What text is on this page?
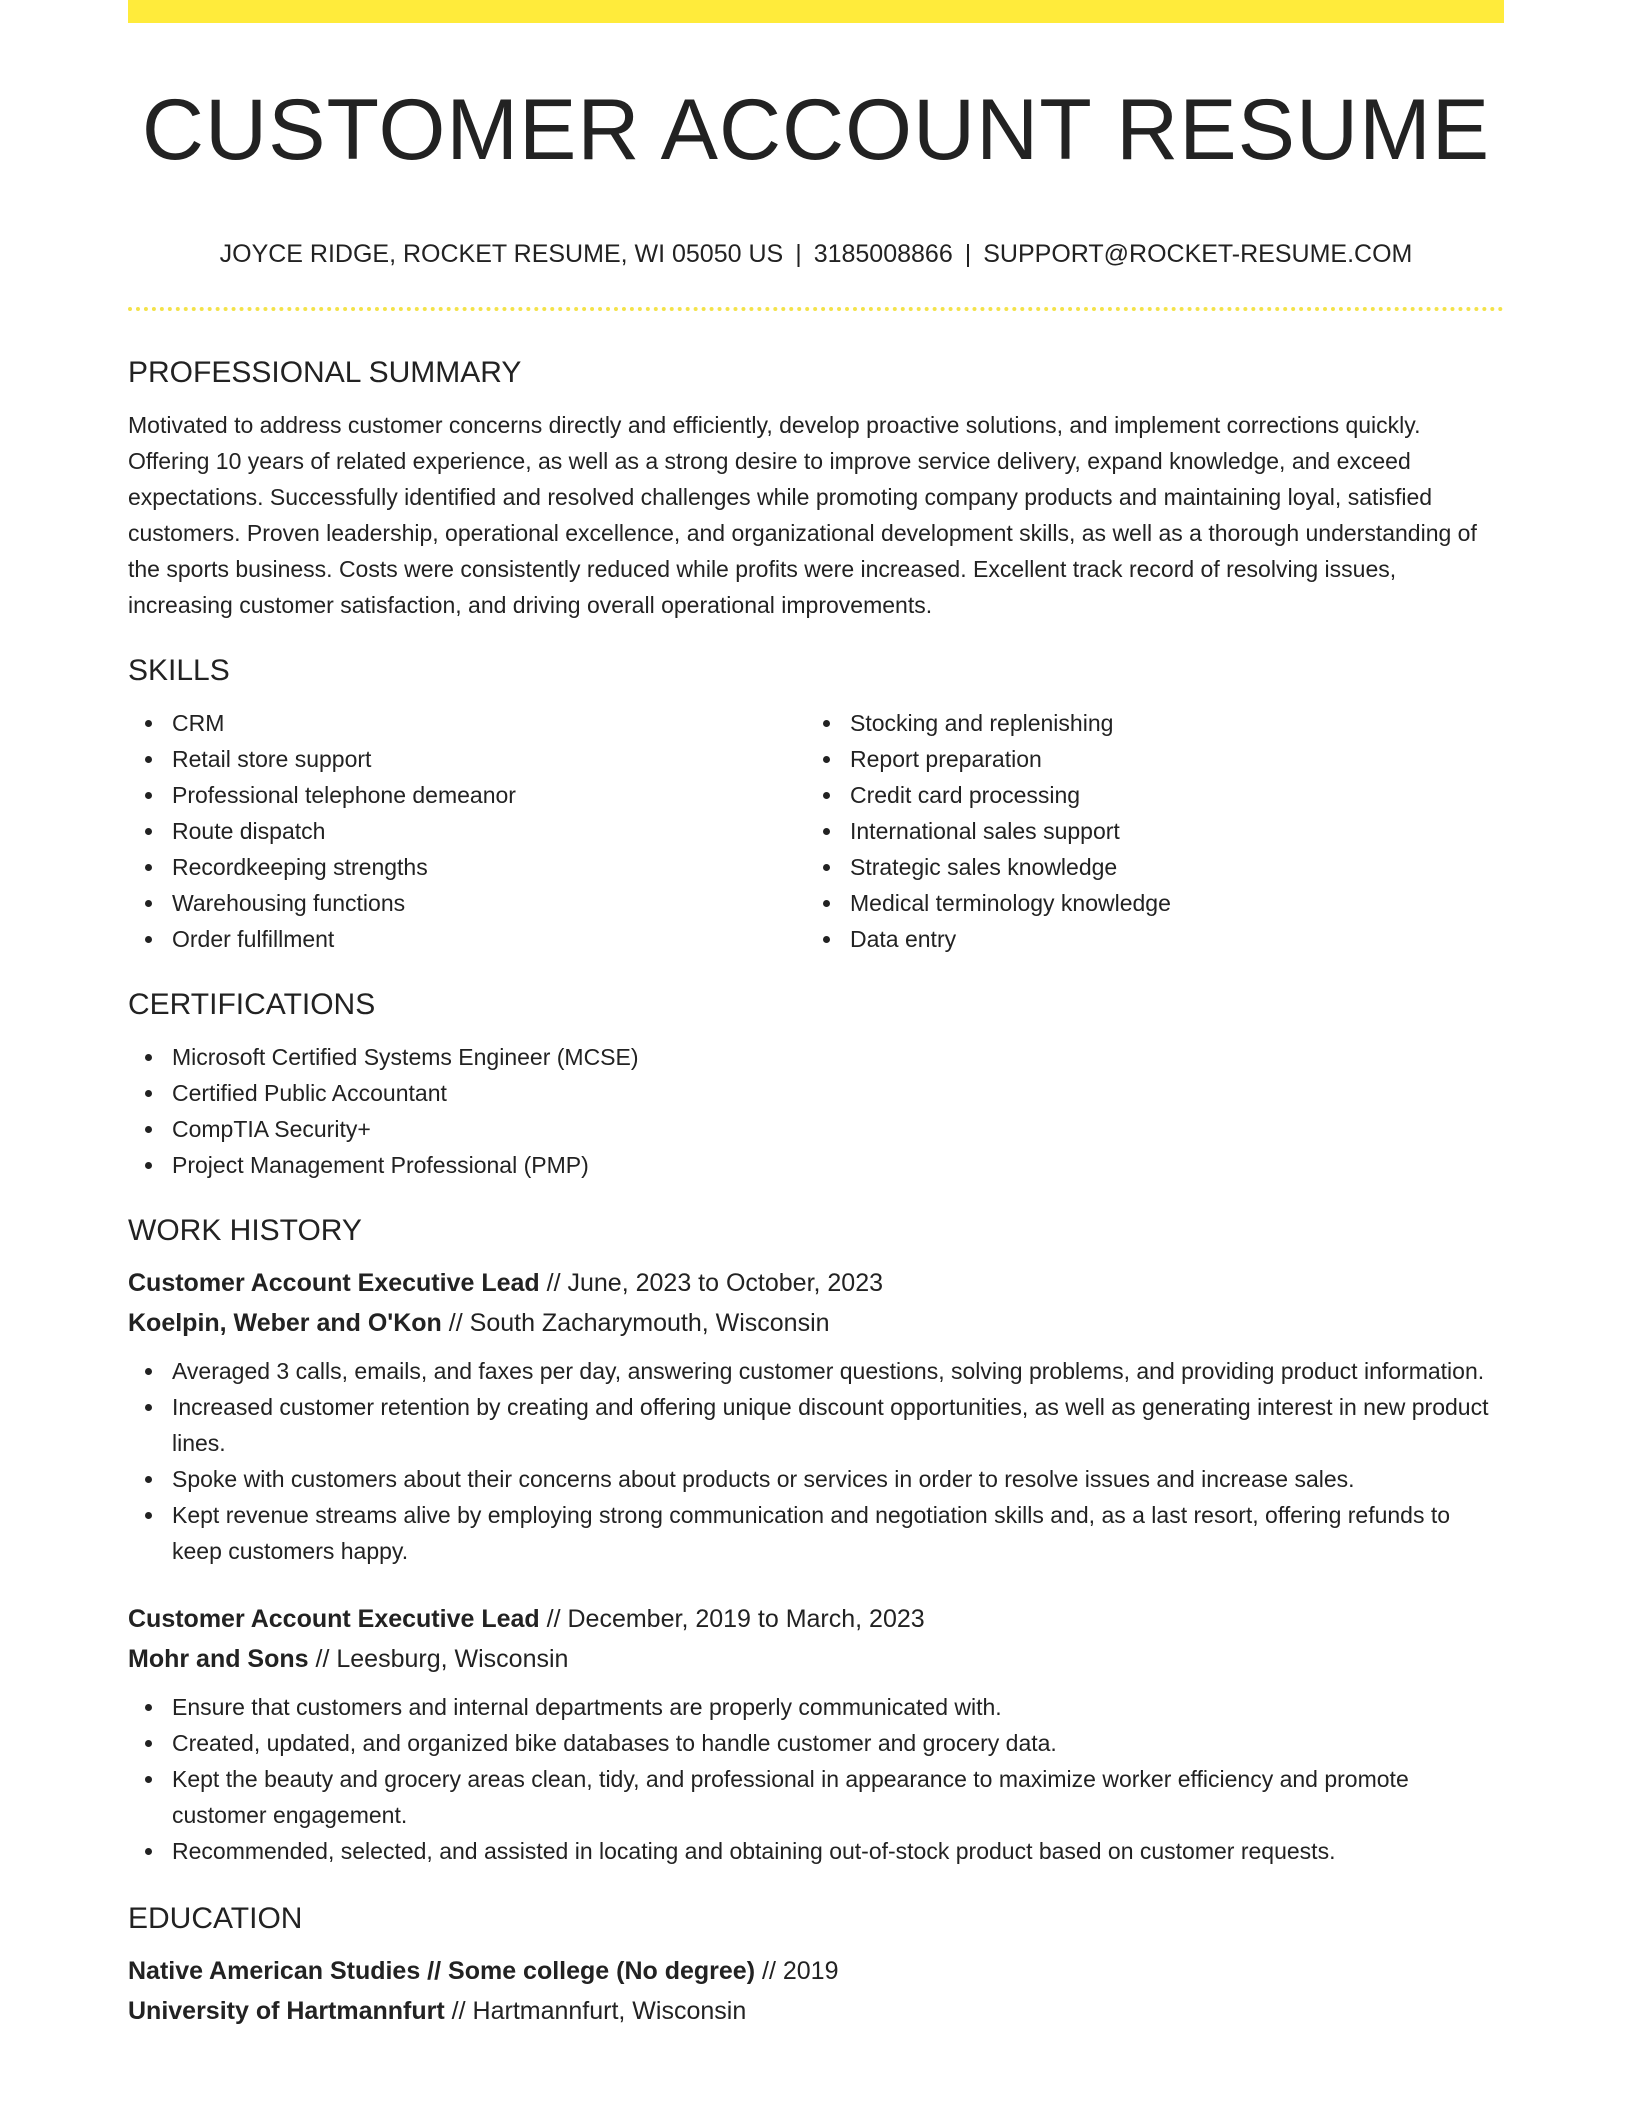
CUSTOMER ACCOUNT RESUME
JOYCE RIDGE, ROCKET RESUME, WI 05050 US | 3185008866 | SUPPORT@ROCKET-RESUME.COM
PROFESSIONAL SUMMARY

Motivated to address customer concerns directly and efficiently, develop proactive solutions, and implement corrections quickly. Offering 10 years of related experience, as well as a strong desire to improve service delivery, expand knowledge, and exceed expectations. Successfully identified and resolved challenges while promoting company products and maintaining loyal, satisfied customers. Proven leadership, operational excellence, and organizational development skills, as well as a thorough understanding of the sports business. Costs were consistently reduced while profits were increased. Excellent track record of resolving issues, increasing customer satisfaction, and driving overall operational improvements.

SKILLS
CRM
Retail store support
Professional telephone demeanor
Route dispatch
Recordkeeping strengths
Warehousing functions
Order fulfillment
Stocking and replenishing
Report preparation
Credit card processing
International sales support
Strategic sales knowledge
Medical terminology knowledge
Data entry
CERTIFICATIONS
Microsoft Certified Systems Engineer (MCSE)
Certified Public Accountant
CompTIA Security+
Project Management Professional (PMP)
WORK HISTORY
Customer Account Executive Lead // June, 2023 to October, 2023
Koelpin, Weber and O'Kon // South Zacharymouth, Wisconsin
Averaged 3 calls, emails, and faxes per day, answering customer questions, solving problems, and providing product information.
Increased customer retention by creating and offering unique discount opportunities, as well as generating interest in new product lines.
Spoke with customers about their concerns about products or services in order to resolve issues and increase sales.
Kept revenue streams alive by employing strong communication and negotiation skills and, as a last resort, offering refunds to keep customers happy.
Customer Account Executive Lead // December, 2019 to March, 2023
Mohr and Sons // Leesburg, Wisconsin
Ensure that customers and internal departments are properly communicated with.
Created, updated, and organized bike databases to handle customer and grocery data.
Kept the beauty and grocery areas clean, tidy, and professional in appearance to maximize worker efficiency and promote customer engagement.
Recommended, selected, and assisted in locating and obtaining out-of-stock product based on customer requests.
EDUCATION
Native American Studies // Some college (No degree) // 2019
University of Hartmannfurt // Hartmannfurt, Wisconsin
